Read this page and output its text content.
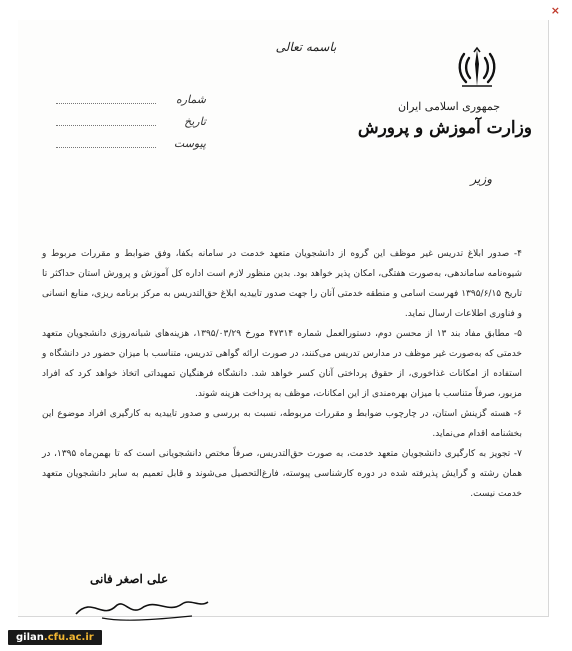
×
باسمه تعالی
جمهوری اسلامی ایران
وزارت آموزش و پرورش
وزیر
شماره
تاریخ
پیوست

۴- صدور ابلاغ تدریس غیر موظف این گروه از دانشجویان متعهد خدمت در سامانه بکفا، وفق ضوابط و مقررات مربوط و شیوه‌نامه ساماندهی، به‌صورت هفتگی، امکان پذیر خواهد بود. بدین منظور لازم است اداره کل آموزش و پرورش استان حداکثر تا تاریخ ۱۳۹۵/۶/۱۵ فهرست اسامی و منطقه خدمتی آنان را جهت صدور تاییدیه ابلاغ حق‌التدریس به مرکز برنامه ریزی، منابع انسانی و فناوری اطلاعات ارسال نماید.

۵- مطابق مفاد بند ۱۳ از محسن دوم، دستورالعمل شماره ۴۷۳۱۴ مورخ ۱۳۹۵/۰۳/۲۹، هزینه‌های شبانه‌روزی دانشجویان متعهد خدمتی که به‌صورت غیر موظف در مدارس تدریس می‌کنند، در صورت ارائه گواهی تدریس، متناسب با میزان حضور در دانشگاه و استفاده از امکانات غذاخوری، از حقوق پرداختی آنان کسر خواهد شد. دانشگاه فرهنگیان تمهیداتی اتخاذ خواهد کرد که افراد مزبور، صرفاً متناسب با میزان بهره‌مندی از این امکانات، موظف به پرداخت هزینه شوند.

۶- هسته گزینش استان، در چارچوب ضوابط و مقررات مربوطه، نسبت به بررسی و صدور تاییدیه به کارگیری افراد موضوع این بخشنامه اقدام می‌نماید.

۷- تجویز به کارگیری دانشجویان متعهد خدمت، به صورت حق‌التدریس، صرفاً مختص دانشجویانی است که تا بهمن‌ماه ۱۳۹۵، در همان رشته و گرایش پذیرفته شده در دوره کارشناسی پیوسته، فارغ‌التحصیل می‌شوند و قابل تعمیم به سایر دانشجویان متعهد خدمت نیست.

علی اصغر فانی
gilan.cfu.ac.ir
